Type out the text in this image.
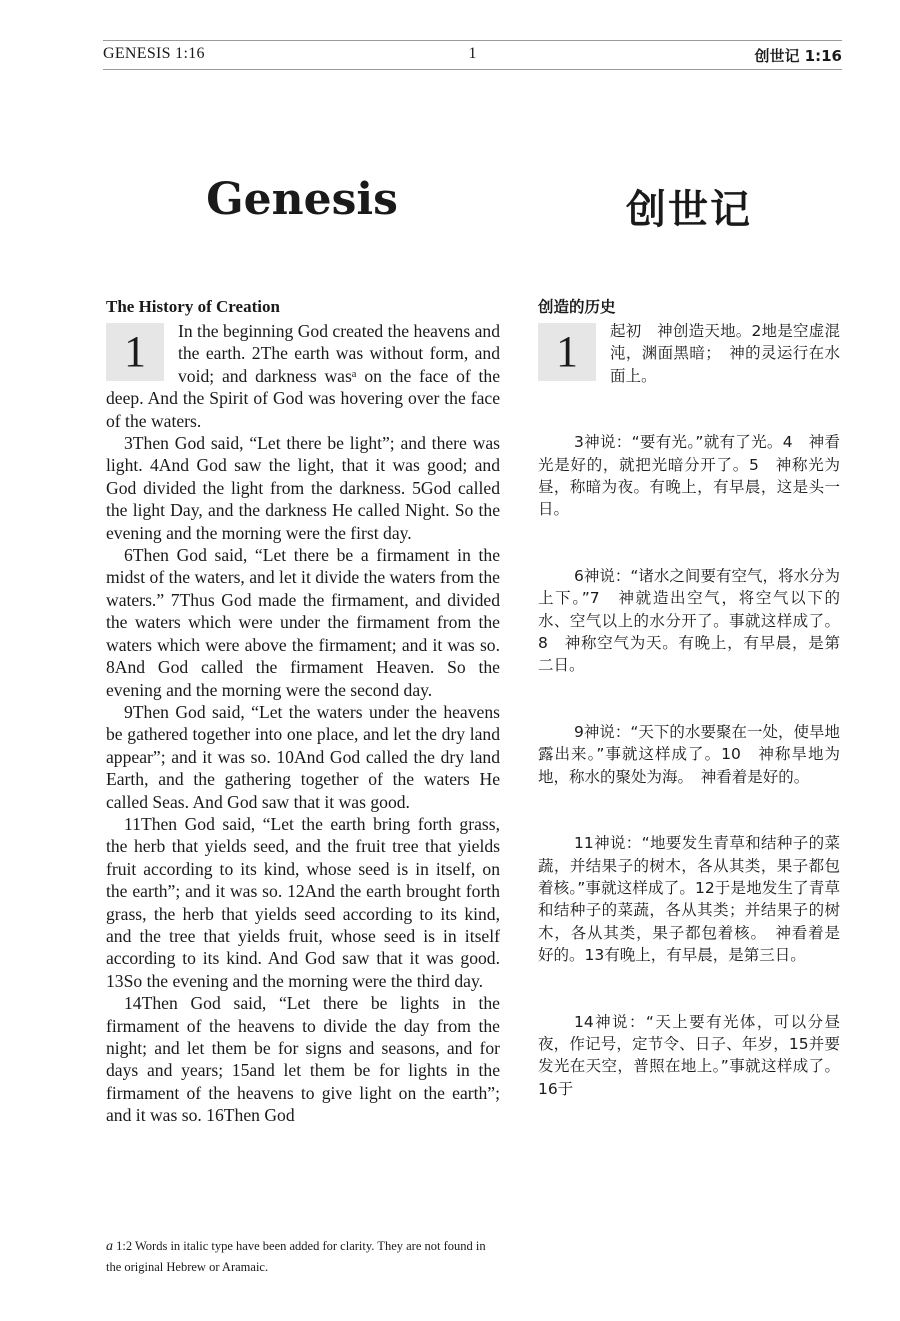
GENESIS 1:16	1	创世记 1:16
Genesis	创世记
The History of Creation
1	In the beginning God created the heavens and the earth. 2The earth was without form, and void; and darkness wasᵃ on the face of the deep. And the Spirit of God was hovering over the face of the waters.

3Then God said, “Let there be light”; and there was light. 4And God saw the light, that it was good; and God divided the light from the darkness. 5God called the light Day, and the darkness He called Night. So the evening and the morning were the first day.

6Then God said, “Let there be a firmament in the midst of the waters, and let it divide the waters from the waters.” 7Thus God made the firmament, and divided the waters which were under the firmament from the waters which were above the firmament; and it was so. 8And God called the firmament Heaven. So the evening and the morning were the second day.

9Then God said, “Let the waters under the heavens be gathered together into one place, and let the dry land appear”; and it was so. 10And God called the dry land Earth, and the gathering together of the waters He called Seas. And God saw that it was good.

11Then God said, “Let the earth bring forth grass, the herb that yields seed, and the fruit tree that yields fruit according to its kind, whose seed is in itself, on the earth”; and it was so. 12And the earth brought forth grass, the herb that yields seed according to its kind, and the tree that yields fruit, whose seed is in itself according to its kind. And God saw that it was good. 13So the evening and the morning were the third day.

14Then God said, “Let there be lights in the firmament of the heavens to divide the day from the night; and let them be for signs and seasons, and for days and years; 15and let them be for lights in the firmament of the heavens to give light on the earth”; and it was so. 16Then God

创造的历史
1	起初　神创造天地。2地是空虚混沌，渊面黑暗；　神的灵运行在水面上。

3神说：“要有光。”就有了光。4　神看光是好的，就把光暗分开了。5　神称光为昼，称暗为夜。有晚上，有早晨，这是头一日。

6神说：“诸水之间要有空气，将水分为上下。”7　神就造出空气，将空气以下的水、空气以上的水分开了。事就这样成了。8　神称空气为天。有晚上，有早晨，是第二日。

9神说：“天下的水要聚在一处，使旱地露出来。”事就这样成了。10　神称旱地为地，称水的聚处为海。　神看着是好的。

11神说：“地要发生青草和结种子的菜蔬，并结果子的树木，各从其类，果子都包着核。”事就这样成了。12于是地发生了青草和结种子的菜蔬，各从其类；并结果子的树木，各从其类，果子都包着核。　神看着是好的。13有晚上，有早晨，是第三日。

14神说：“天上要有光体，可以分昼夜，作记号，定节令、日子、年岁，15并要发光在天空，普照在地上。”事就这样成了。16于

a 1:2 Words in italic type have been added for clarity. They are not found in the original Hebrew or Aramaic.
